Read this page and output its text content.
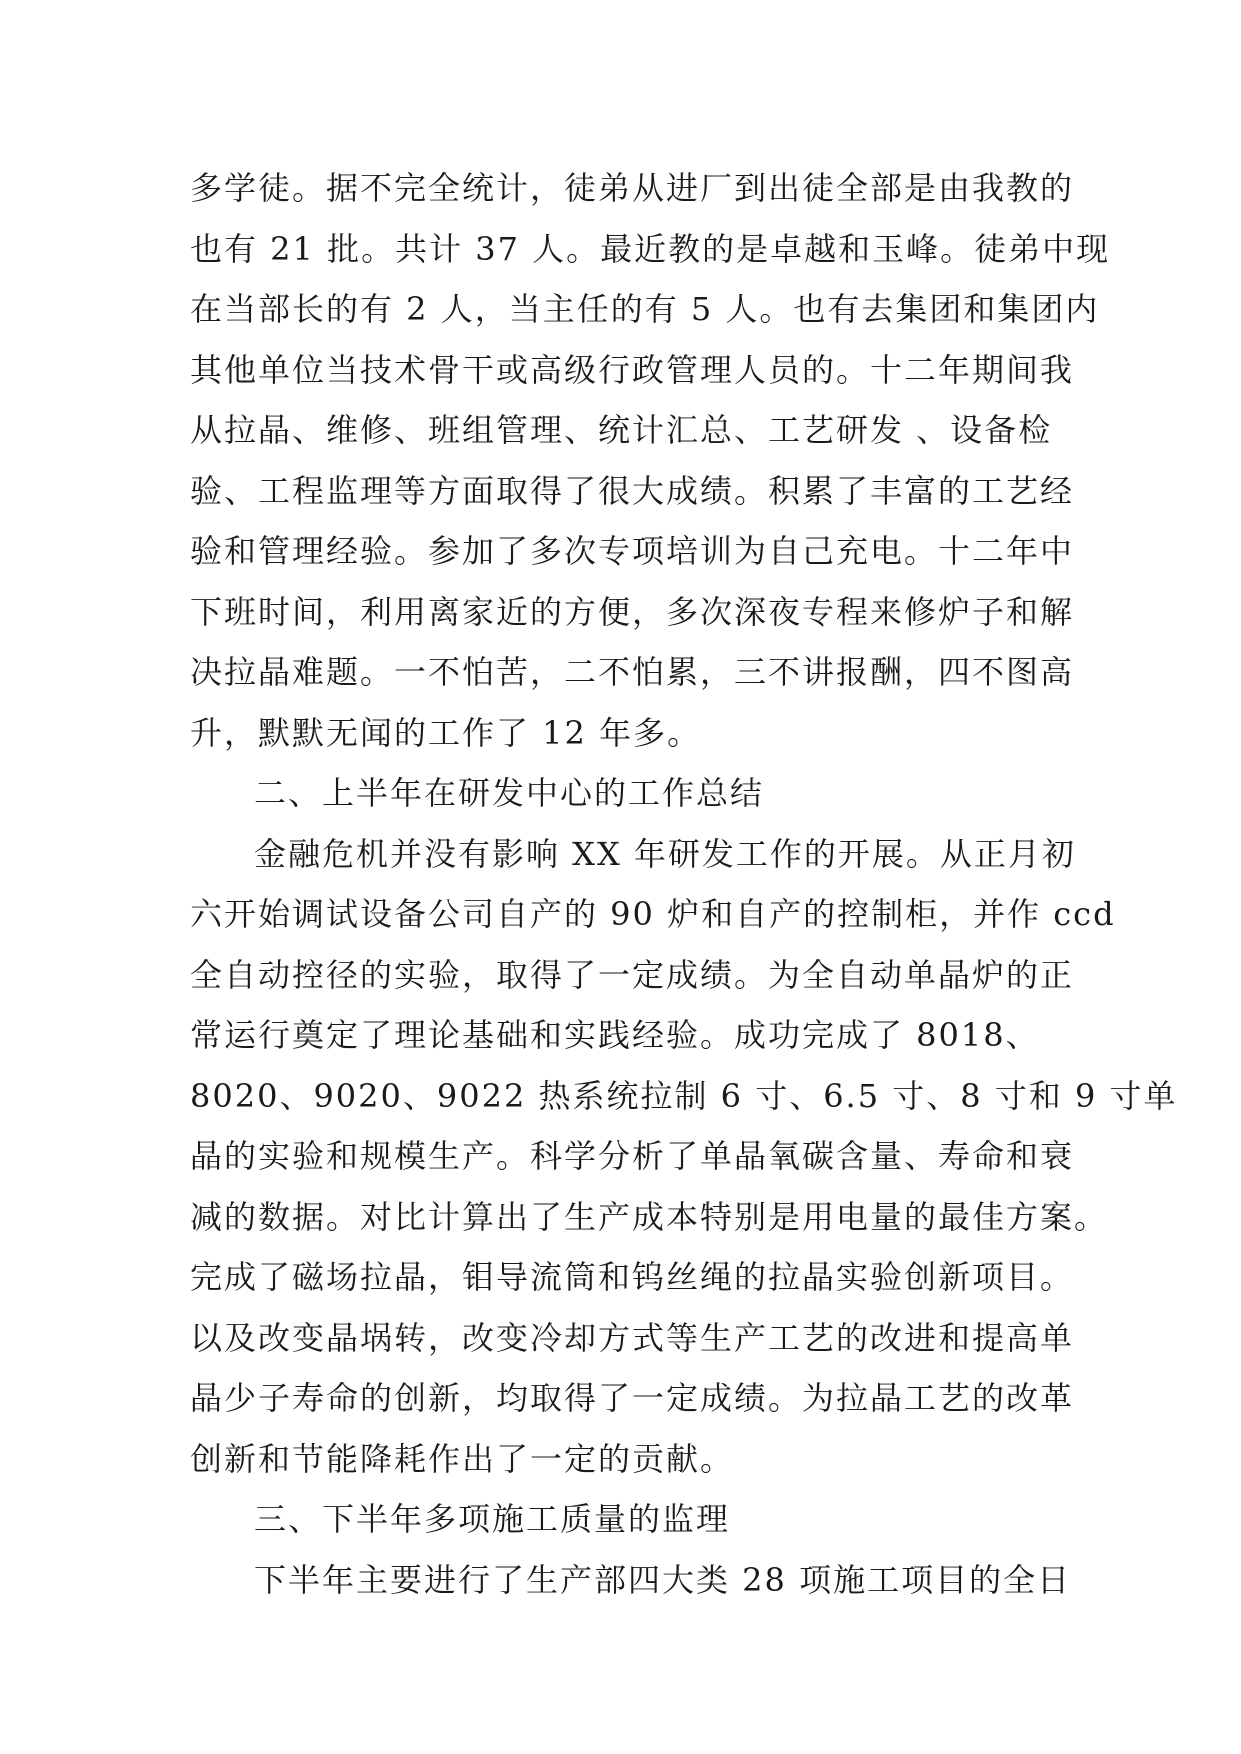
多学徒。据不完全统计，徒弟从进厂到出徒全部是由我教的
也有 21 批。共计 37 人。最近教的是卓越和玉峰。徒弟中现
在当部长的有 2 人，当主任的有 5 人。也有去集团和集团内
其他单位当技术骨干或高级行政管理人员的。十二年期间我
从拉晶、维修、班组管理、统计汇总、工艺研发 、设备检
验、工程监理等方面取得了很大成绩。积累了丰富的工艺经
验和管理经验。参加了多次专项培训为自己充电。十二年中
下班时间，利用离家近的方便，多次深夜专程来修炉子和解
决拉晶难题。一不怕苦，二不怕累，三不讲报酬，四不图高
升，默默无闻的工作了 12 年多。
二、上半年在研发中心的工作总结
金融危机并没有影响 XX 年研发工作的开展。从正月初
六开始调试设备公司自产的 90 炉和自产的控制柜，并作 ccd
全自动控径的实验，取得了一定成绩。为全自动单晶炉的正
常运行奠定了理论基础和实践经验。成功完成了 8018、
8020、9020、9022 热系统拉制 6 寸、6.5 寸、8 寸和 9 寸单
晶的实验和规模生产。科学分析了单晶氧碳含量、寿命和衰
减的数据。对比计算出了生产成本特别是用电量的最佳方案。
完成了磁场拉晶，钼导流筒和钨丝绳的拉晶实验创新项目。
以及改变晶埚转，改变冷却方式等生产工艺的改进和提高单
晶少子寿命的创新，均取得了一定成绩。为拉晶工艺的改革
创新和节能降耗作出了一定的贡献。
三、下半年多项施工质量的监理
下半年主要进行了生产部四大类 28 项施工项目的全日
